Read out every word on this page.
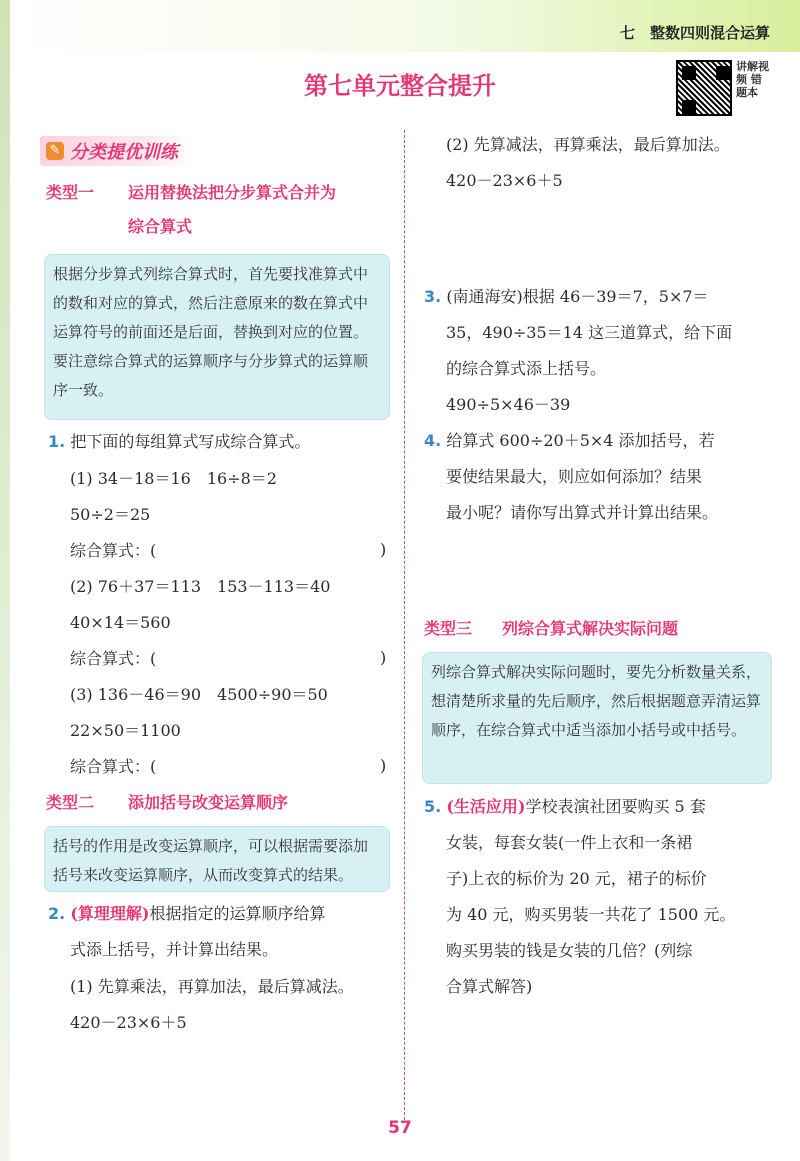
七　整数四则混合运算
第七单元整合提升
讲解视频 错题本
✎ 分类提优训练
类型一 运用替换法把分步算式合并为
综合算式
根据分步算式列综合算式时，首先要找准算式中的数和对应的算式，然后注意原来的数在算式中运算符号的前面还是后面，替换到对应的位置。要注意综合算式的运算顺序与分步算式的运算顺序一致。
1. 把下面的每组算式写成综合算式。
(1) 34－18＝16　16÷8＝2
50÷2＝25
综合算式：(	)
(2) 76＋37＝113　153－113＝40
40×14＝560
综合算式：(	)
(3) 136－46＝90　4500÷90＝50
22×50＝1100
综合算式：(	)
类型二 添加括号改变运算顺序
括号的作用是改变运算顺序，可以根据需要添加括号来改变运算顺序，从而改变算式的结果。
2. (算理理解)根据指定的运算顺序给算
式添上括号，并计算出结果。
(1) 先算乘法，再算加法，最后算减法。
420－23×6＋5
(2) 先算减法，再算乘法，最后算加法。
420－23×6＋5
3. (南通海安)根据 46－39＝7，5×7＝
35，490÷35＝14 这三道算式，给下面
的综合算式添上括号。
490÷5×46－39
4. 给算式 600÷20＋5×4 添加括号，若
要使结果最大，则应如何添加？结果
最小呢？请你写出算式并计算出结果。
类型三 列综合算式解决实际问题
列综合算式解决实际问题时，要先分析数量关系，想清楚所求量的先后顺序，然后根据题意弄清运算顺序，在综合算式中适当添加小括号或中括号。
5. (生活应用)学校表演社团要购买 5 套
女装，每套女装(一件上衣和一条裙
子)上衣的标价为 20 元，裙子的标价
为 40 元，购买男装一共花了 1500 元。
购买男装的钱是女装的几倍？(列综
合算式解答)
57
